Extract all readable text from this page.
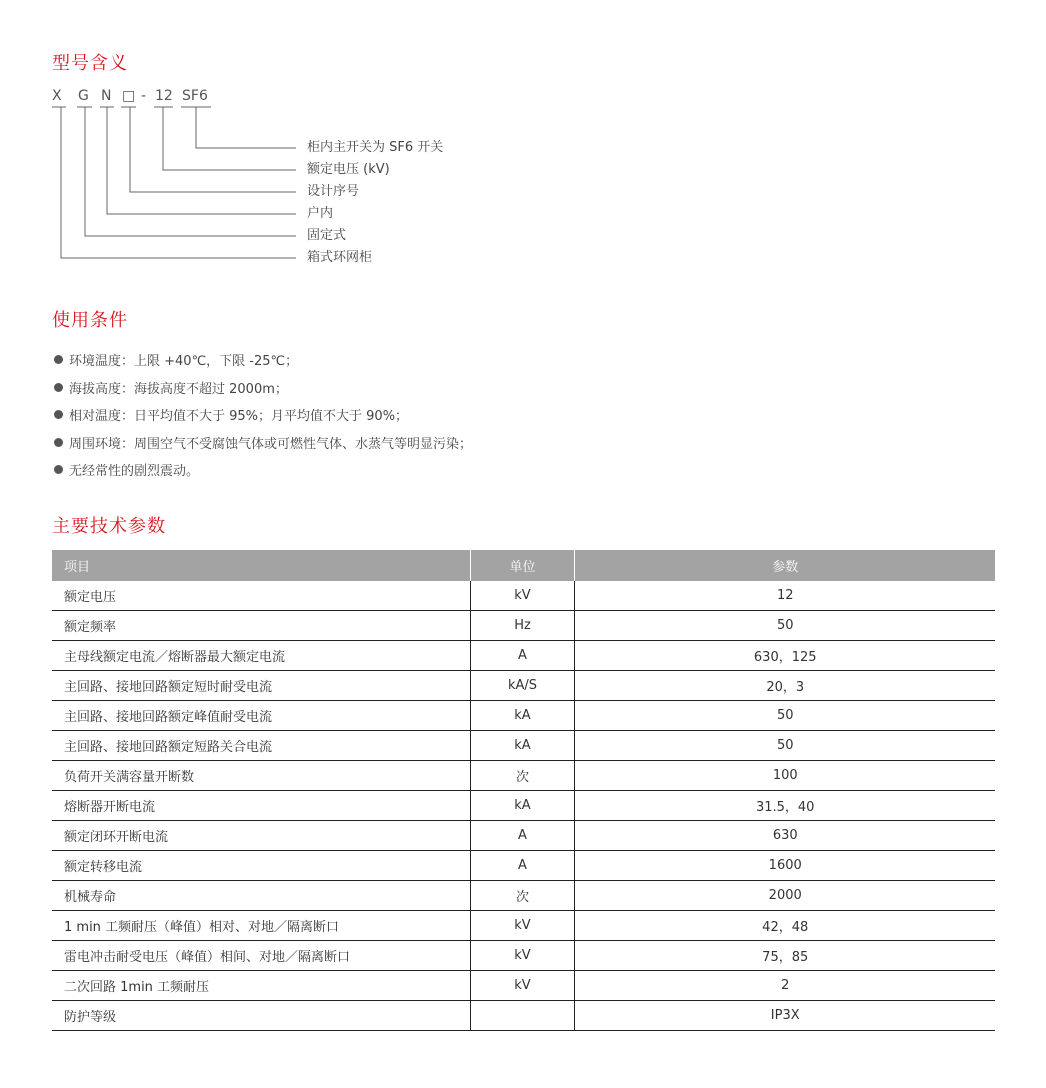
型号含义
X G N □ - 12 SF6
柜内主开关为 SF6 开关
额定电压 (kV)
设计序号
户内
固定式
箱式环网柜
使用条件
环境温度：上限 +40℃，下限 -25℃；
海拔高度：海拔高度不超过 2000m；
相对温度：日平均值不大于 95%；月平均值不大于 90%；
周围环境：周围空气不受腐蚀气体或可燃性气体、水蒸气等明显污染；
无经常性的剧烈震动。
主要技术参数
项目	单位	参数
额定电压	kV	12
额定频率	Hz	50
主母线额定电流／熔断器最大额定电流	A	630，125
主回路、接地回路额定短时耐受电流	kA/S	20，3
主回路、接地回路额定峰值耐受电流	kA	50
主回路、接地回路额定短路关合电流	kA	50
负荷开关满容量开断数	次	100
熔断器开断电流	kA	31.5，40
额定闭环开断电流	A	630
额定转移电流	A	1600
机械寿命	次	2000
1 min 工频耐压（峰值）相对、对地／隔离断口	kV	42，48
雷电冲击耐受电压（峰值）相间、对地／隔离断口	kV	75，85
二次回路 1min 工频耐压	kV	2
防护等级		IP3X
